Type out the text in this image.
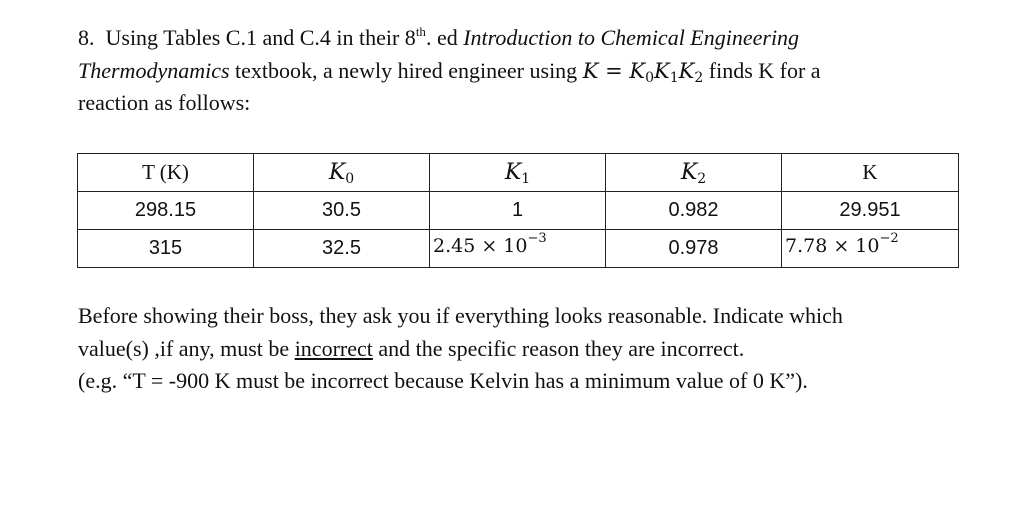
8. Using Tables C.1 and C.4 in their 8th. ed Introduction to Chemical Engineering
Thermodynamics textbook, a newly hired engineer using $K = K_0K_1K_2$ finds K for a
reaction as follows:
T (K)	$K_0$	$K_1$	$K_2$	K
298.15	30.5	1	0.982	29.951
315	32.5	$2.45 \times 10^{-3}$	0.978	$7.78 \times 10^{-2}$
Before showing their boss, they ask you if everything looks reasonable. Indicate which
value(s) ,if any, must be incorrect and the specific reason they are incorrect.
(e.g. “T = -900 K must be incorrect because Kelvin has a minimum value of 0 K”).
